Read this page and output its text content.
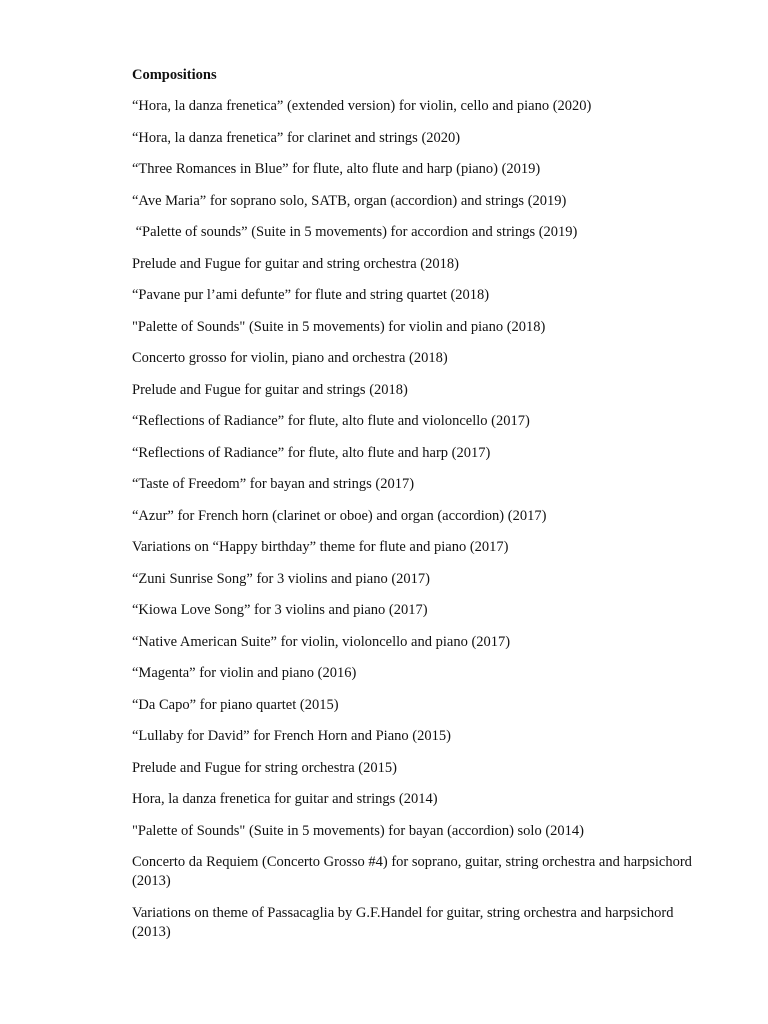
Compositions
“Hora, la danza frenetica” (extended version) for violin, cello and piano (2020)
“Hora, la danza frenetica” for clarinet and strings (2020)
“Three Romances in Blue” for flute, alto flute and harp (piano) (2019)
“Ave Maria” for soprano solo, SATB, organ (accordion) and strings (2019)
“Palette of sounds” (Suite in 5 movements) for accordion and strings (2019)
Prelude and Fugue for guitar and string orchestra (2018)
“Pavane pur l’ami defunte” for flute and string quartet (2018)
"Palette of Sounds" (Suite in 5 movements) for violin and piano (2018)
Concerto grosso for violin, piano and orchestra (2018)
Prelude and Fugue for guitar and strings (2018)
“Reflections of Radiance” for flute, alto flute and violoncello (2017)
“Reflections of Radiance” for flute, alto flute and harp (2017)
“Taste of Freedom” for bayan and strings (2017)
“Azur” for French horn (clarinet or oboe) and organ (accordion) (2017)
Variations on “Happy birthday” theme for flute and piano (2017)
“Zuni Sunrise Song” for 3 violins and piano (2017)
“Kiowa Love Song” for 3 violins and piano (2017)
“Native American Suite” for violin, violoncello and piano (2017)
“Magenta” for violin and piano (2016)
“Da Capo” for piano quartet (2015)
“Lullaby for David” for French Horn and Piano (2015)
Prelude and Fugue for string orchestra (2015)
Hora, la danza frenetica for guitar and strings (2014)
"Palette of Sounds" (Suite in 5 movements) for bayan (accordion) solo (2014)
Concerto da Requiem (Concerto Grosso #4) for soprano, guitar, string orchestra and harpsichord (2013)
Variations on theme of Passacaglia by G.F.Handel for guitar, string orchestra and harpsichord (2013)
